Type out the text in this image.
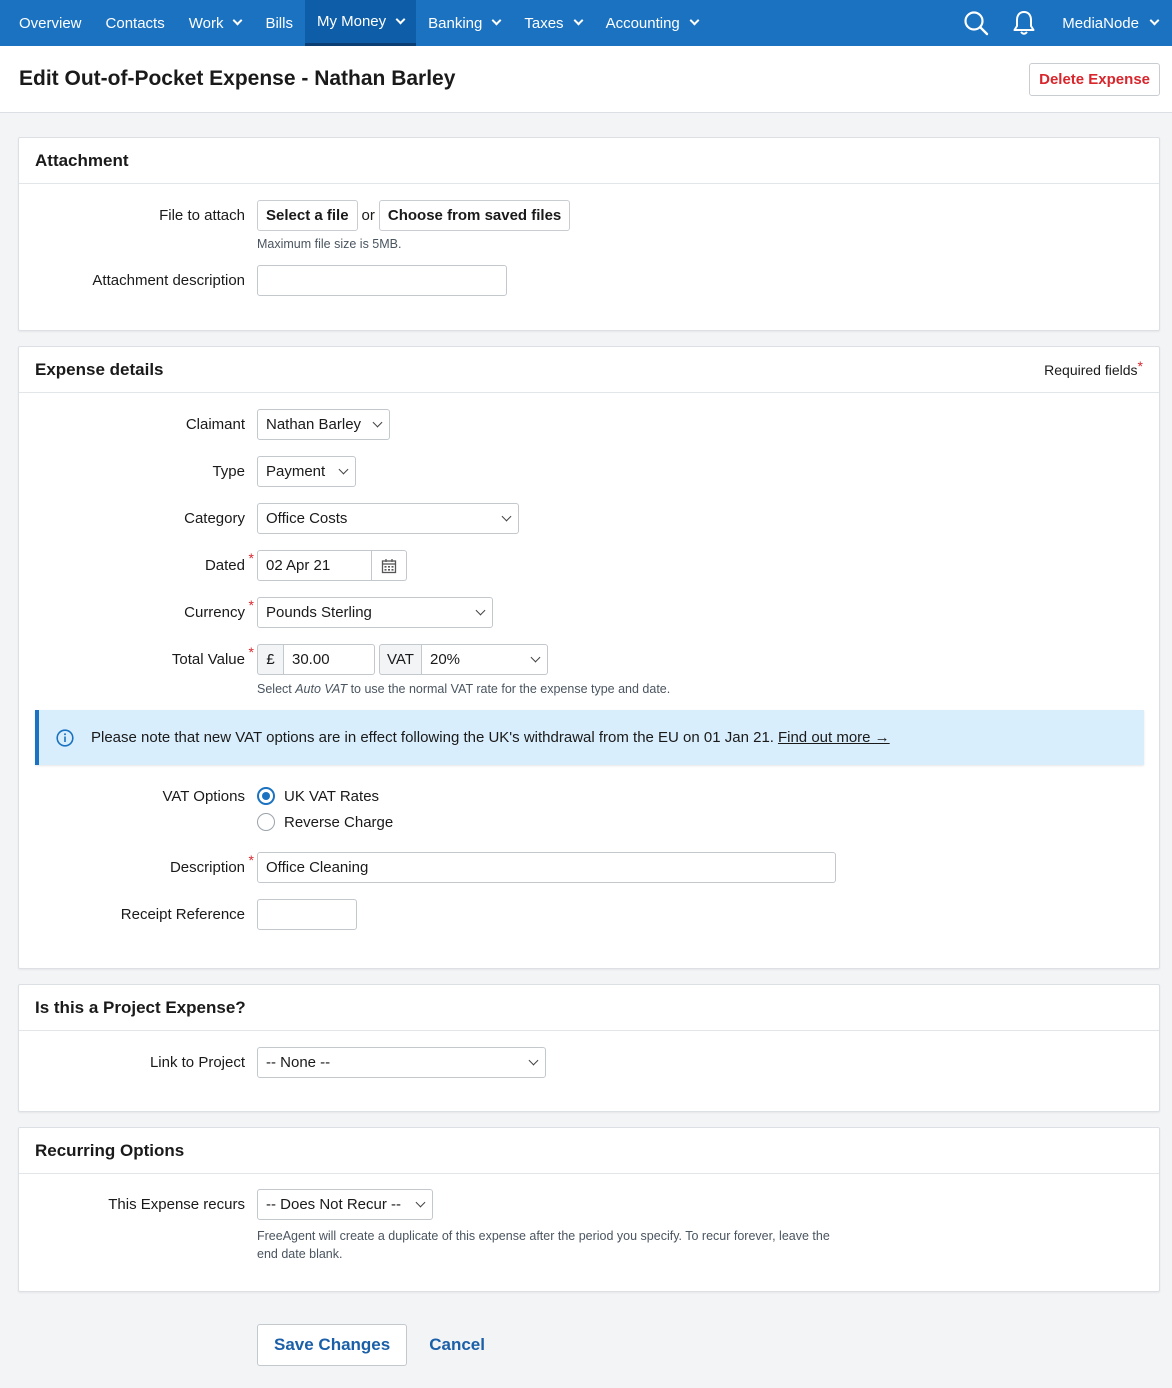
Overview Contacts Work	Bills My Money	Banking	Taxes	Accounting	MediaNode
Edit Out-of-Pocket Expense - Nathan Barley	Delete Expense
Attachment
File to attach	Select a file or Choose from saved files
Maximum file size is 5MB.
Attachment description
Expense details	Required fields*
Claimant	Nathan Barley
Type	Payment
Category	Office Costs
Dated * 02 Apr 21
Currency * Pounds Sterling
Total Value * £	30.00	VAT	20%
Select Auto VAT to use the normal VAT rate for the expense type and date.
Please note that new VAT options are in effect following the UK's withdrawal from the EU on 01 Jan 21. Find out more →
VAT Options	UK VAT Rates
Reverse Charge
Description * Office Cleaning
Receipt Reference
Is this a Project Expense?
Link to Project	-- None --
Recurring Options
This Expense recurs	-- Does Not Recur --
FreeAgent will create a duplicate of this expense after the period you specify. To recur forever, leave the
end date blank.
Save Changes	Cancel
